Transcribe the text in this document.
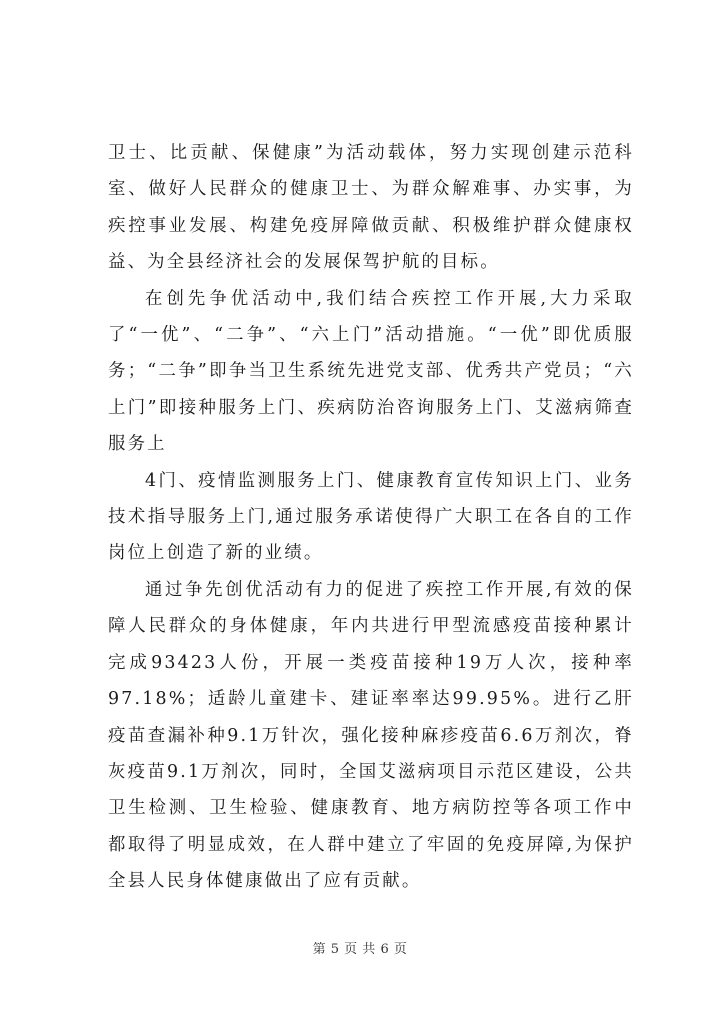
卫士、比贡献、保健康”为活动载体，努力实现创建示范科室、做好人民群众的健康卫士、为群众解难事、办实事，为疾控事业发展、构建免疫屏障做贡献、积极维护群众健康权益、为全县经济社会的发展保驾护航的目标。

在创先争优活动中,我们结合疾控工作开展,大力采取了“一优”、“二争”、“六上门”活动措施。“一优”即优质服务；“二争”即争当卫生系统先进党支部、优秀共产党员；“六上门”即接种服务上门、疾病防治咨询服务上门、艾滋病筛查服务上

4门、疫情监测服务上门、健康教育宣传知识上门、业务技术指导服务上门,通过服务承诺使得广大职工在各自的工作岗位上创造了新的业绩。

通过争先创优活动有力的促进了疾控工作开展,有效的保障人民群众的身体健康，年内共进行甲型流感疫苗接种累计完成93423人份，开展一类疫苗接种19万人次，接种率97.18%；适龄儿童建卡、建证率率达99.95%。进行乙肝疫苗查漏补种9.1万针次，强化接种麻疹疫苗6.6万剂次，脊灰疫苗9.1万剂次，同时，全国艾滋病项目示范区建设，公共卫生检测、卫生检验、健康教育、地方病防控等各项工作中都取得了明显成效，在人群中建立了牢固的免疫屏障,为保护全县人民身体健康做出了应有贡献。

第 5 页 共 6 页
